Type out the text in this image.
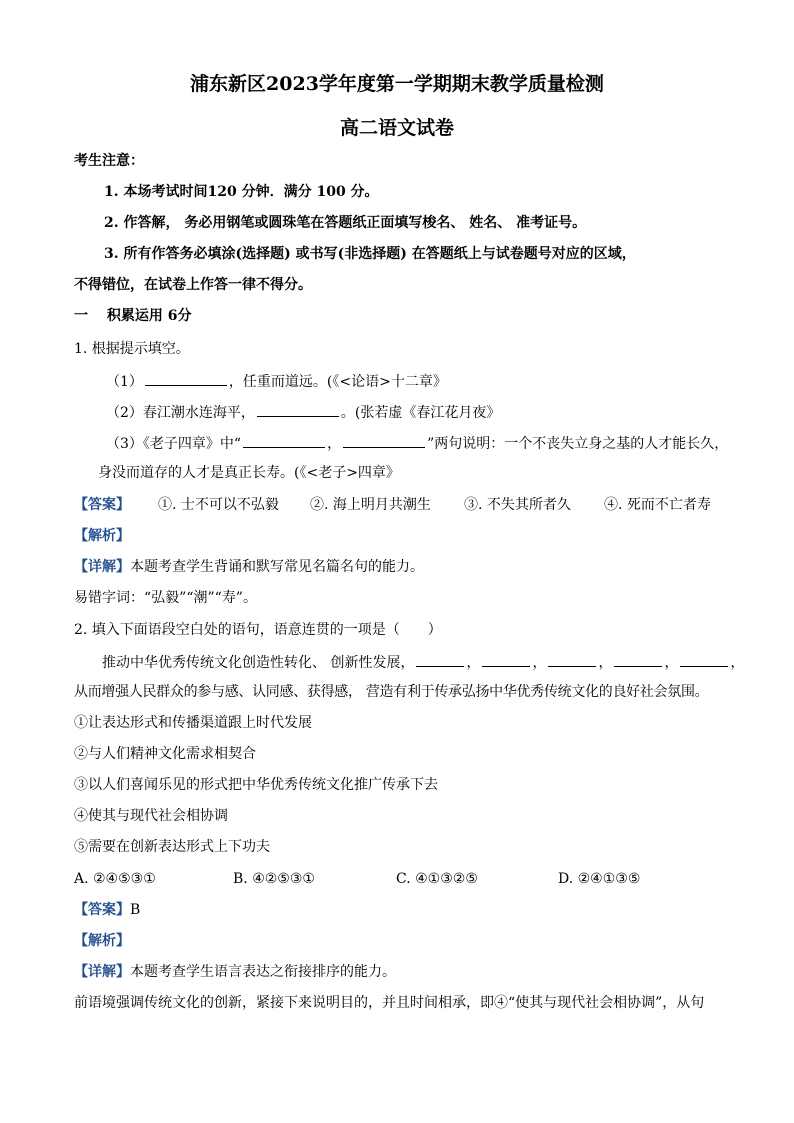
浦东新区2023学年度第一学期期末教学质量检测
高二语文试卷
考生注意：
1. 本场考试时间120 分钟．满分 100 分。
2. 作答解， 务必用钢笔或圆珠笔在答题纸正面填写梭名、 姓名、 准考证号。
3. 所有作答务必填涂(选择题) 或书写(非选择题) 在答题纸上与试卷题号对应的区域，
不得错位，在试卷上作答一律不得分。
一　 积累运用 6分
1. 根据提示填空。
（1）	，任重而道远。(《<论语>十二章》
（2）春江潮水连海平，	。(张若虚《春江花月夜》
（3）《老子四章》中“	，	”两句说明：一个不丧失立身之基的人才能长久，
身没而道存的人才是真正长寿。(《<老子>四章》
【答案】 ①. 士不可以不弘毅 ②. 海上明月共潮生 ③. 不失其所者久 ④. 死而不亡者寿
【解析】
【详解】本题考查学生背诵和默写常见名篇名句的能力。
易错字词：“弘毅”“潮”“寿”。
2. 填入下面语段空白处的语句，语意连贯的一项是（　　）
推动中华优秀传统文化创造性转化、 创新性发展，	，	，	，	，	，
从而增强人民群众的参与感、认同感、获得感， 营造有利于传承弘扬中华优秀传统文化的良好社会氛围。
①让表达形式和传播渠道跟上时代发展
②与人们精神文化需求相契合
③以人们喜闻乐见的形式把中华优秀传统文化推广传承下去
④使其与现代社会相协调
⑤需要在创新表达形式上下功夫
A. ②④⑤③①	B. ④②⑤③①	C. ④①③②⑤	D. ②④①③⑤
【答案】B
【解析】
【详解】本题考查学生语言表达之衔接排序的能力。
前语境强调传统文化的创新，紧接下来说明目的，并且时间相承，即④“使其与现代社会相协调”，从句
